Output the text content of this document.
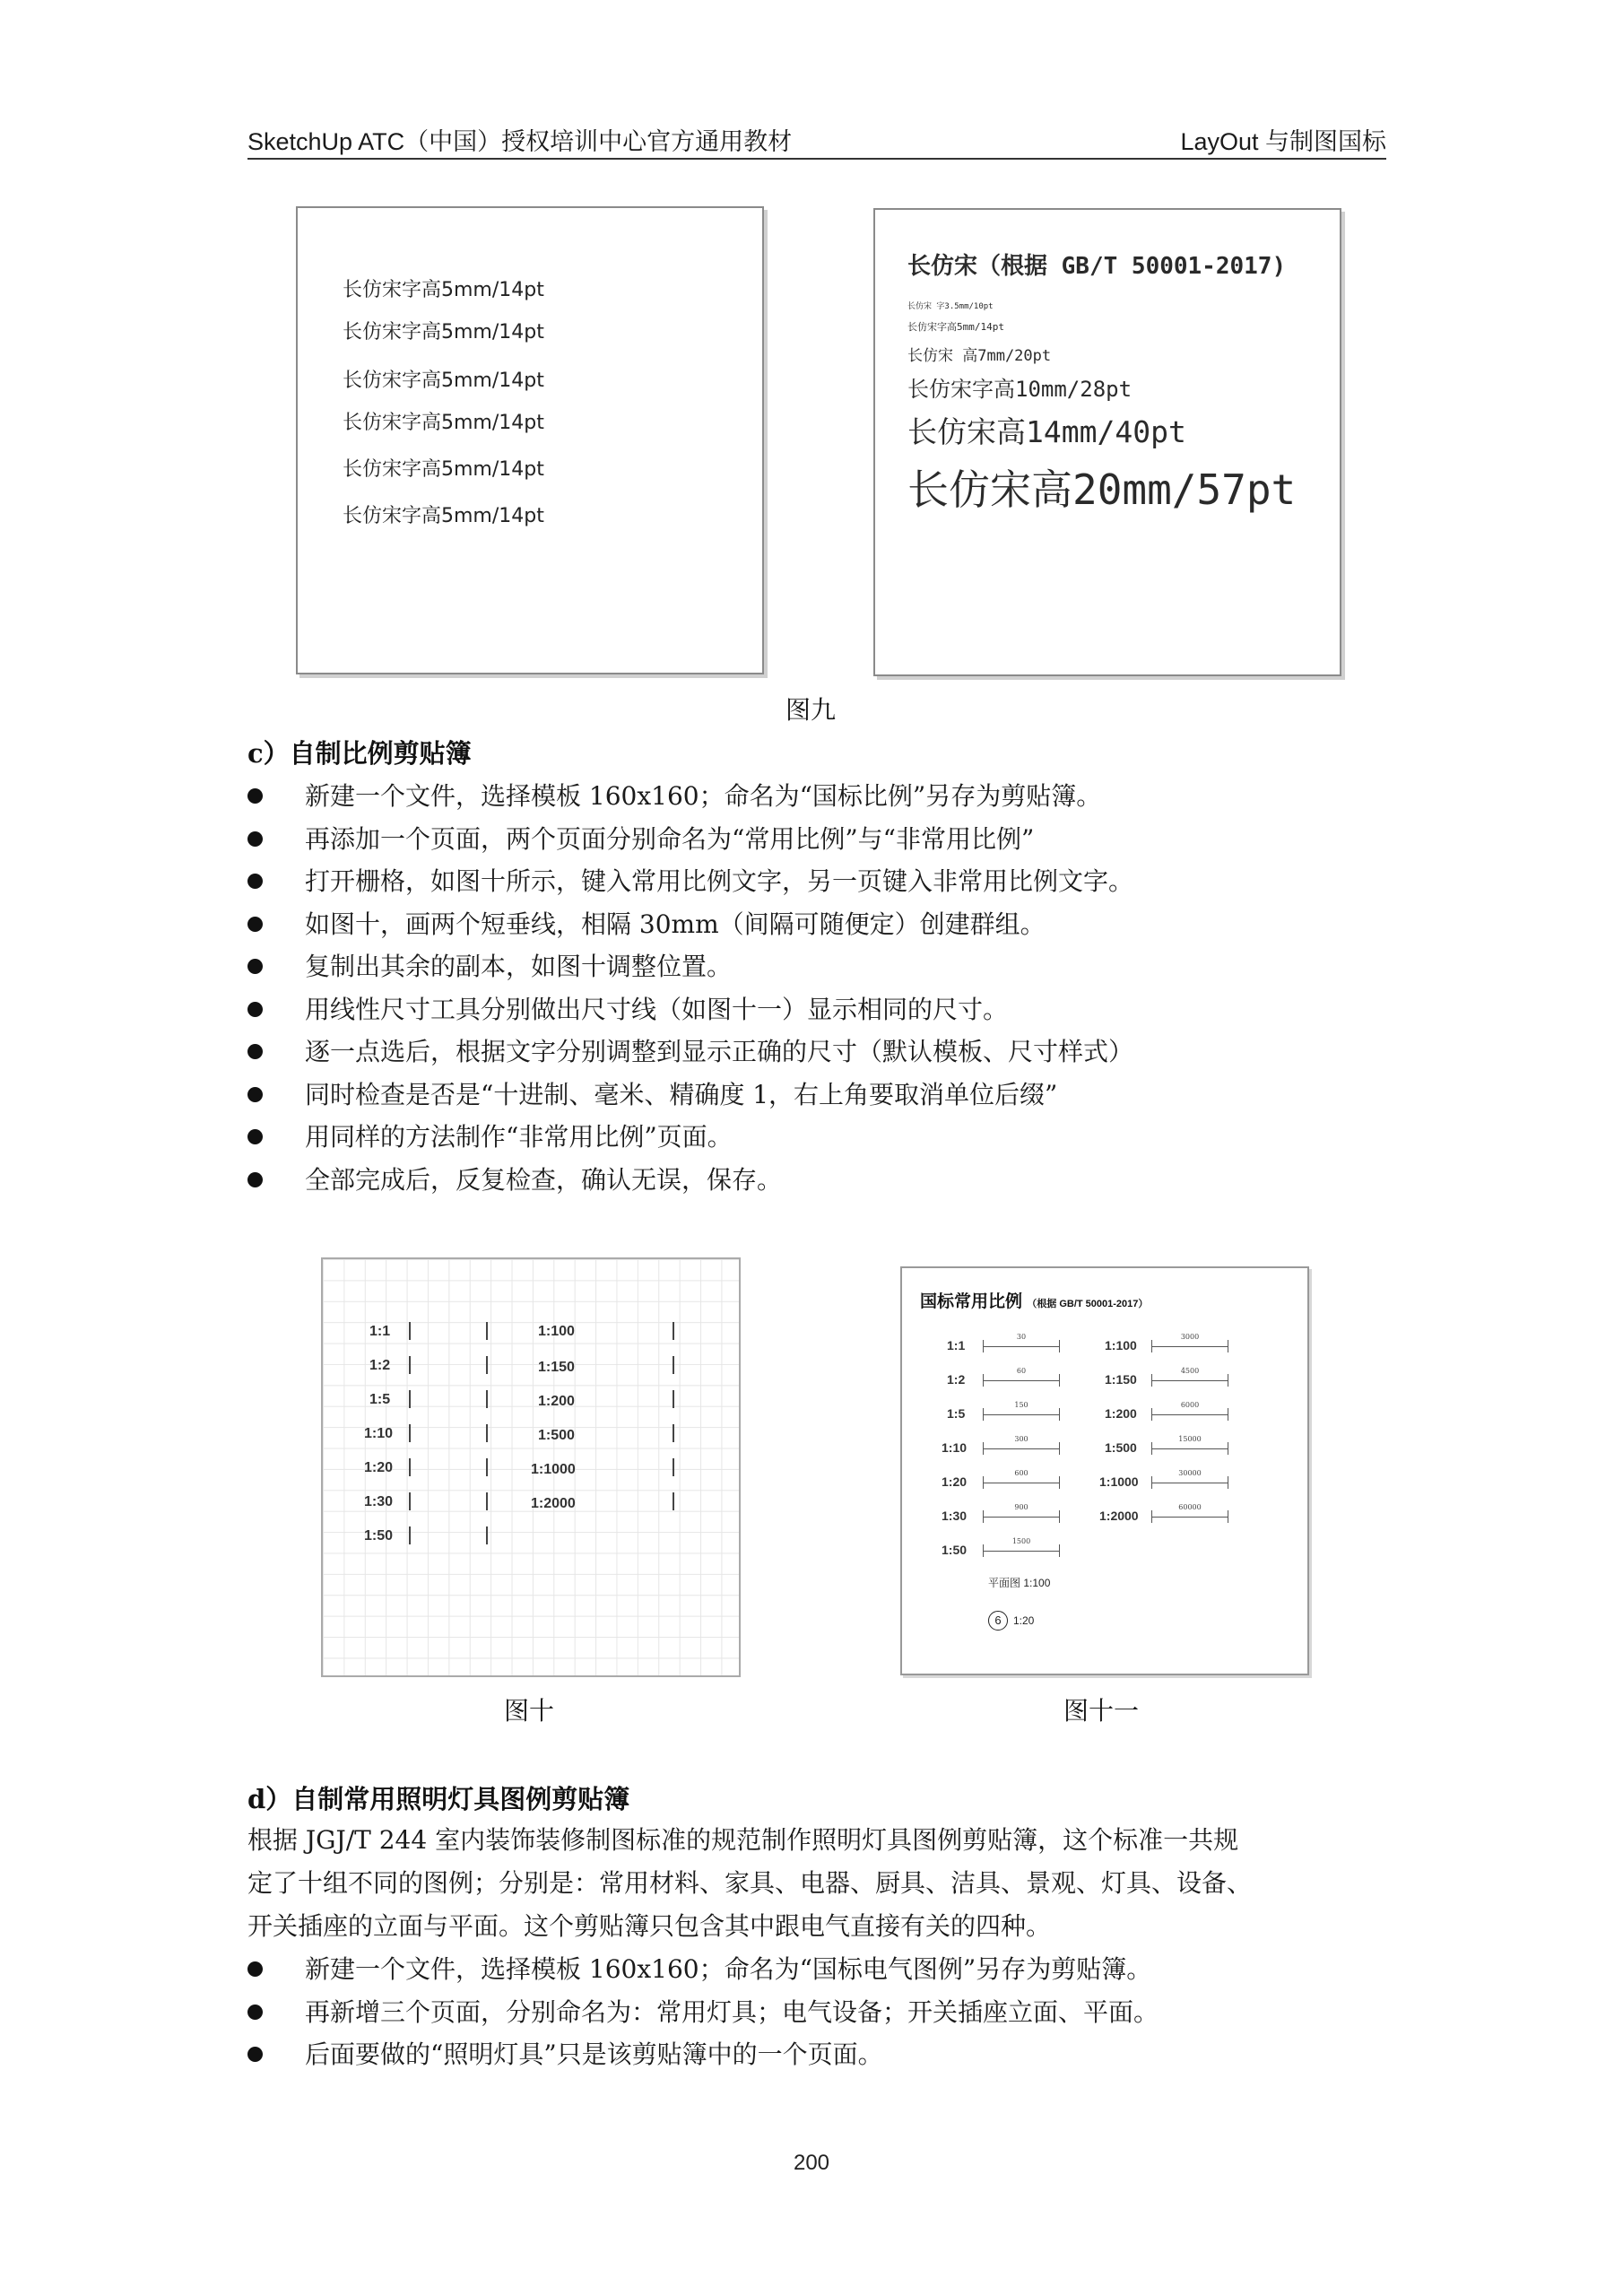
SketchUp ATC（中国）授权培训中心官方通用教材	LayOut 与制图国标
长仿宋字高5mm/14pt
长仿宋字高5mm/14pt
长仿宋字高5mm/14pt
长仿宋字高5mm/14pt
长仿宋字高5mm/14pt
长仿宋字高5mm/14pt
长仿宋（根据 GB/T 50001-2017)
长仿宋 字3.5mm/10pt
长仿宋字高5mm/14pt
长仿宋 高7mm/20pt
长仿宋字高10mm/28pt
长仿宋高14mm/40pt
长仿宋高20mm/57pt
图九
c）自制比例剪贴簿
新建一个文件，选择模板 160x160；命名为“国标比例”另存为剪贴簿。
再添加一个页面，两个页面分别命名为“常用比例”与“非常用比例”
打开栅格，如图十所示，键入常用比例文字，另一页键入非常用比例文字。
如图十，画两个短垂线，相隔 30mm（间隔可随便定）创建群组。
复制出其余的副本，如图十调整位置。
用线性尺寸工具分别做出尺寸线（如图十一）显示相同的尺寸。
逐一点选后，根据文字分别调整到显示正确的尺寸（默认模板、尺寸样式）
同时检查是否是“十进制、毫米、精确度 1，右上角要取消单位后缀”
用同样的方法制作“非常用比例”页面。
全部完成后，反复检查，确认无误，保存。
1:1
1:2
1:5
1:10
1:20
1:30
1:50
1:100
1:150
1:200
1:500
1:1000
1:2000
图十
国标常用比例 （根据 GB/T 50001-2017）
1:1
30
1:2
60
1:5
150
1:10
300
1:20
600
1:30
900
1:50
1500
1:100
3000
1:150
4500
1:200
6000
1:500
15000
1:1000
30000
1:2000
60000
平面图 1:100
6	1:20
图十一
d）自制常用照明灯具图例剪贴簿
根据 JGJ/T 244 室内装饰装修制图标准的规范制作照明灯具图例剪贴簿，这个标准一共规
定了十组不同的图例；分别是：常用材料、家具、电器、厨具、洁具、景观、灯具、设备、
开关插座的立面与平面。这个剪贴簿只包含其中跟电气直接有关的四种。
新建一个文件，选择模板 160x160；命名为“国标电气图例”另存为剪贴簿。
再新增三个页面，分别命名为：常用灯具；电气设备；开关插座立面、平面。
后面要做的“照明灯具”只是该剪贴簿中的一个页面。
200
